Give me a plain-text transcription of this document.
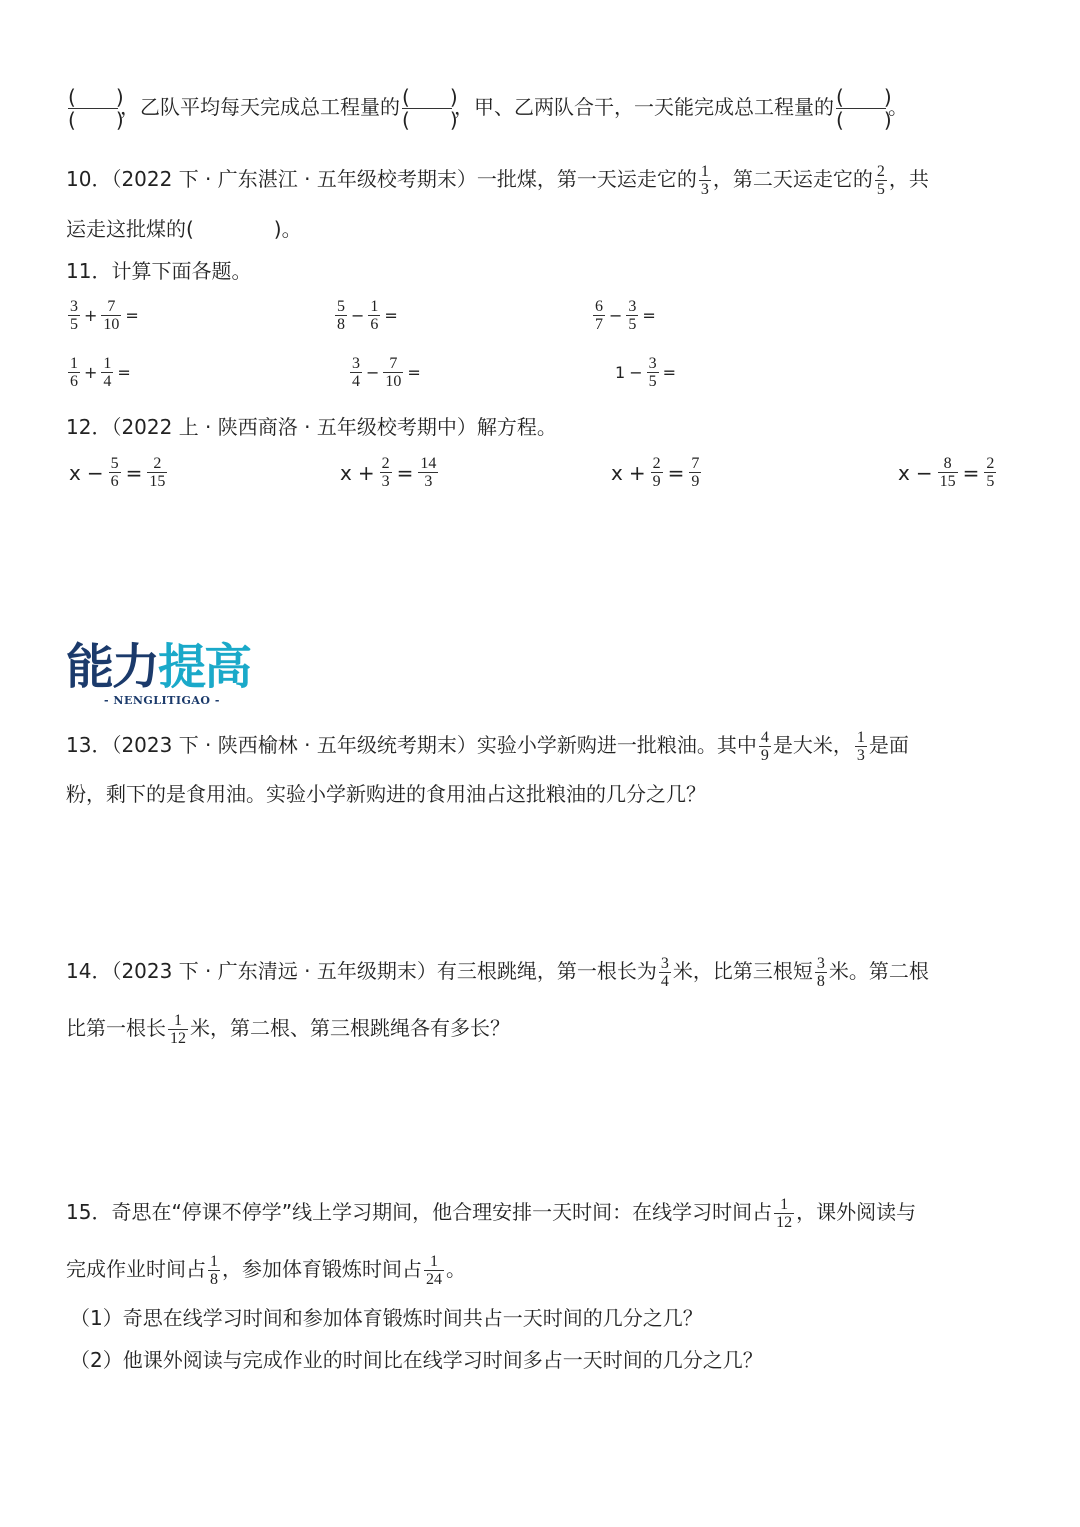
(　　 )
(　　 )
，乙队平均每天完成总工程量的 (　　 )
(　　 )
，甲、乙两队合干，一天能完成总工程量的 (　　 )
(　　 )
。
10．（2022 下 · 广东湛江 · 五年级校考期末）一批煤，第一天运走它的 $\frac{1}{3}$ ，第二天运走它的 $\frac{2}{5}$ ，共
运走这批煤的(　　　　)。
11．计算下面各题。
$\frac{3}{5} + \frac{7}{10}$ =	$\frac{5}{8} - \frac{1}{6}$ =	$\frac{6}{7} - \frac{3}{5}$ =
$\frac{1}{6} + \frac{1}{4}$ =	$\frac{3}{4} - \frac{7}{10}$ =	$1 - \frac{3}{5}$ =
12．（2022 上 · 陕西商洛 · 五年级校考期中）解方程。
$x - \frac{5}{6} = \frac{2}{15}$	$x + \frac{2}{3} = \frac{14}{3}$	$x + \frac{2}{9} = \frac{7}{9}$	$x - \frac{8}{15} = \frac{2}{5}$
能力提高
- NENGLITIGAO -
13．（2023 下 · 陕西榆林 · 五年级统考期末）实验小学新购进一批粮油。其中 $\frac{4}{9}$ 是大米， $\frac{1}{3}$ 是面
粉，剩下的是食用油。实验小学新购进的食用油占这批粮油的几分之几？
14．（2023 下 · 广东清远 · 五年级期末）有三根跳绳，第一根长为 $\frac{3}{4}$ 米，比第三根短 $\frac{3}{8}$ 米。第二根
比第一根长 $\frac{1}{12}$ 米，第二根、第三根跳绳各有多长？
15．奇思在“停课不停学”线上学习期间，他合理安排一天时间：在线学习时间占 $\frac{1}{12}$ ，课外阅读与
完成作业时间占 $\frac{1}{8}$ ，参加体育锻炼时间占 $\frac{1}{24}$ 。
（1）奇思在线学习时间和参加体育锻炼时间共占一天时间的几分之几？
（2）他课外阅读与完成作业的时间比在线学习时间多占一天时间的几分之几？
